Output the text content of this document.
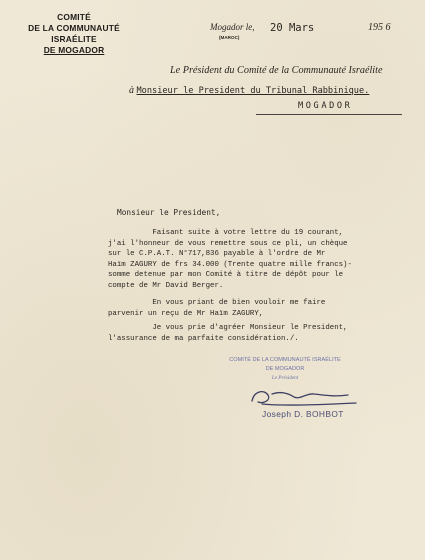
COMITÉ
DE LA COMMUNAUTÉ ISRAÉLITE
DE MOGADOR
Mogador le,
(MAROC)
20 Mars	195 6
Le Président du Comité de la Communauté Israélite
à Monsieur le President du Tribunal Rabbinique.
MOGADOR
Monsieur le President,
Faisant suite à votre lettre du 19 courant,
j'ai l'honneur de vous remettre sous ce pli, un chèque
sur le C.P.A.T. N°717,836 payable à l'ordre de Mr
Haïm ZAGURY de frs 34.000 (Trente quatre mille francs)-
somme detenue par mon Comité à titre de dépôt pour le
compte de Mr David Berger.
En vous priant de bien vouloir me faire
parvenir un reçu de Mr Haïm ZAGURY,
Je vous prie d'agréer Monsieur le President,
l'assurance de ma parfaite considération./.
COMITÉ DE LA COMMUNAUTÉ ISRAÉLITE
DE MOGADOR
Le Président
Joseph D. BOHBOT
